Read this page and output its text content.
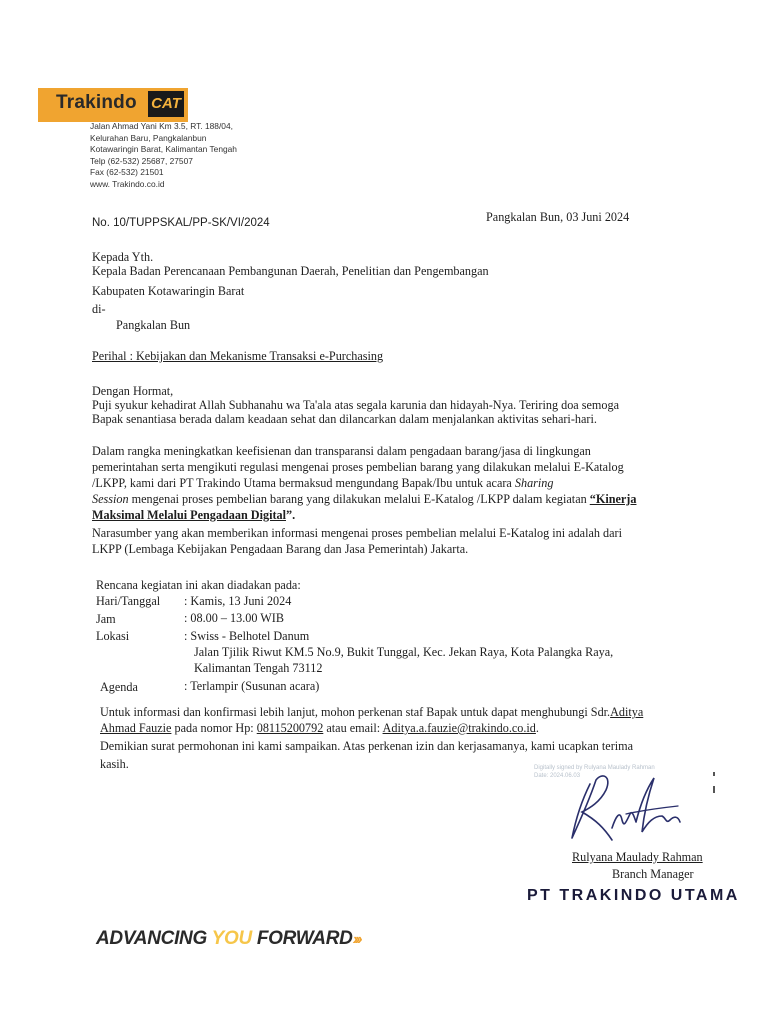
Trakindo CAT
Jalan Ahmad Yani Km 3.5, RT. 188/04,
Kelurahan Baru, Pangkalanbun
Kotawaringin Barat, Kalimantan Tengah
Telp (62-532) 25687, 27507
Fax (62-532) 21501
www. Trakindo.co.id
No. 10/TUPPSKAL/PP-SK/VI/2024	Pangkalan Bun, 03 Juni 2024
Kepada Yth.
Kepala Badan Perencanaan Pembangunan Daerah, Penelitian dan Pengembangan
Kabupaten Kotawaringin Barat
di-
Pangkalan Bun
Perihal : Kebijakan dan Mekanisme Transaksi e-Purchasing
Dengan Hormat,
Puji syukur kehadirat Allah Subhanahu wa Ta'ala atas segala karunia dan hidayah-Nya. Teriring doa semoga
Bapak senantiasa berada dalam keadaan sehat dan dilancarkan dalam menjalankan aktivitas sehari-hari.
Dalam rangka meningkatkan keefisienan dan transparansi dalam pengadaan barang/jasa di lingkungan
pemerintahan serta mengikuti regulasi mengenai proses pembelian barang yang dilakukan melalui E-Katalog
/LKPP, kami dari PT Trakindo Utama bermaksud mengundang Bapak/Ibu untuk acara Sharing
Session mengenai proses pembelian barang yang dilakukan melalui E-Katalog /LKPP dalam kegiatan “Kinerja
Maksimal Melalui Pengadaan Digital”.
Narasumber yang akan memberikan informasi mengenai proses pembelian melalui E-Katalog ini adalah dari
LKPP (Lembaga Kebijakan Pengadaan Barang dan Jasa Pemerintah) Jakarta.
Rencana kegiatan ini akan diadakan pada:
Hari/Tanggal : Kamis, 13 Juni 2024
Jam	: 08.00 – 13.00 WIB
Lokasi	: Swiss - Belhotel Danum
Jalan Tjilik Riwut KM.5 No.9, Bukit Tunggal, Kec. Jekan Raya, Kota Palangka Raya,
Kalimantan Tengah 73112
Agenda	: Terlampir (Susunan acara)
Untuk informasi dan konfirmasi lebih lanjut, mohon perkenan staf Bapak untuk dapat menghubungi Sdr.Aditya
Ahmad Fauzie pada nomor Hp: 08115200792 atau email: Aditya.a.fauzie@trakindo.co.id.
Demikian surat permohonan ini kami sampaikan. Atas perkenan izin dan kerjasamanya, kami ucapkan terima
kasih.	Digitally signed by Rulyana Maulady Rahman
Date: 2024.06.03
Rulyana Maulady Rahman
Branch Manager
PT TRAKINDO UTAMA
ADVANCING YOU FORWARD›››
